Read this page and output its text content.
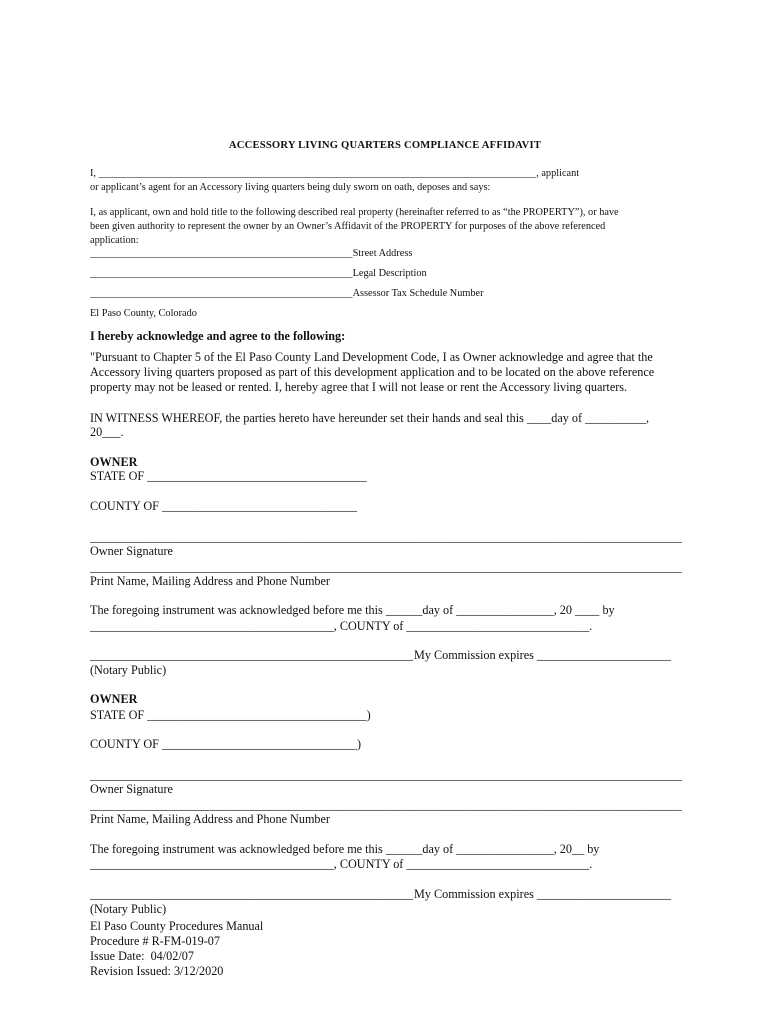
ACCESSORY LIVING QUARTERS COMPLIANCE AFFIDAVIT
I, _____________________________________________________________________________________, applicant
or applicant’s agent for an Accessory living quarters being duly sworn on oath, deposes and says:
I, as applicant, own and hold title to the following described real property (hereinafter referred to as “the PROPERTY”), or have
been given authority to represent the owner by an Owner’s Affidavit of the PROPERTY for purposes of the above referenced
application:
___________________________________________________Street Address
___________________________________________________Legal Description
___________________________________________________Assessor Tax Schedule Number
El Paso County, Colorado
I hereby acknowledge and agree to the following:
"Pursuant to Chapter 5 of the El Paso County Land Development Code, I as Owner acknowledge and agree that the
Accessory living quarters proposed as part of this development application and to be located on the above reference
property may not be leased or rented. I, hereby agree that I will not lease or rent the Accessory living quarters.
IN WITNESS WHEREOF, the parties hereto have hereunder set their hands and seal this ____day of __________,
20___.
OWNER
STATE OF ____________________________________
COUNTY OF ________________________________
___________________________________________________________________________________________________
Owner Signature
____________________________________________________________________________________________________
Print Name, Mailing Address and Phone Number
The foregoing instrument was acknowledged before me this ______day of ________________, 20 ____ by
________________________________________, COUNTY of ______________________________.
_____________________________________________________ My Commission expires ______________________
(Notary Public)
OWNER
STATE OF ____________________________________)
COUNTY OF ________________________________)
___________________________________________________________________________________________________
Owner Signature
____________________________________________________________________________________________________
Print Name, Mailing Address and Phone Number
The foregoing instrument was acknowledged before me this ______day of ________________, 20__ by
________________________________________, COUNTY of ______________________________.
_____________________________________________________ My Commission expires ______________________
(Notary Public)
El Paso County Procedures Manual
Procedure # R-FM-019-07
Issue Date:  04/02/07
Revision Issued: 3/12/2020
